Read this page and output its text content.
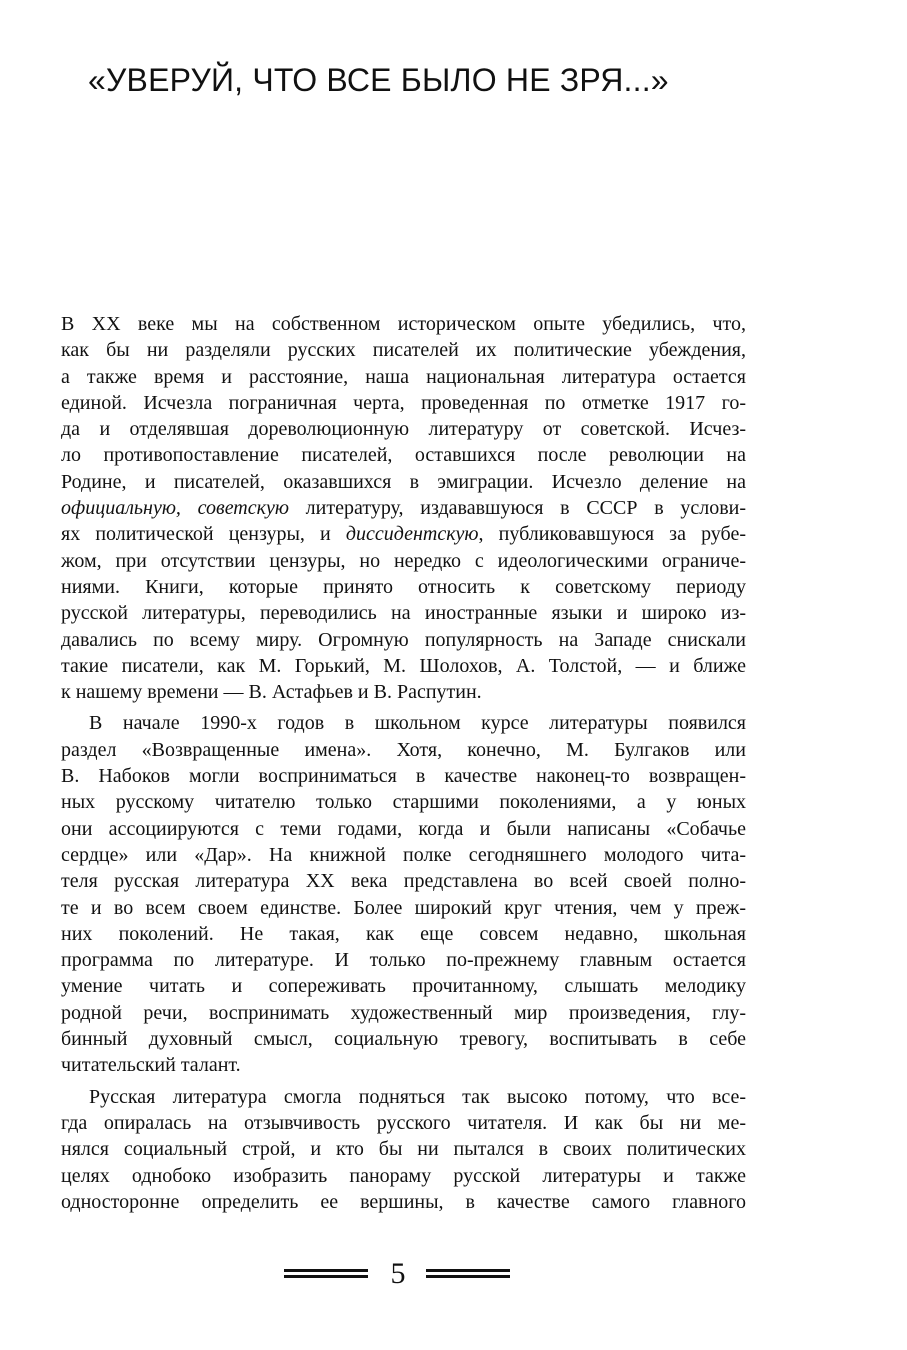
«УВЕРУЙ, ЧТО ВСЕ БЫЛО НЕ ЗРЯ...»
В XX веке мы на собственном историческом опыте убедились, что,
как бы ни разделяли русских писателей их политические убеждения,
а также время и расстояние, наша национальная литература остается
единой. Исчезла пограничная черта, проведенная по отметке 1917 го-
да и отделявшая дореволюционную литературу от советской. Исчез-
ло противопоставление писателей, оставшихся после революции на
Родине, и писателей, оказавшихся в эмиграции. Исчезло деление на
официальную, советскую литературу, издававшуюся в СССР в услови-
ях политической цензуры, и диссидентскую, публиковавшуюся за рубе-
жом, при отсутствии цензуры, но нередко с идеологическими ограниче-
ниями. Книги, которые принято относить к советскому периоду
русской литературы, переводились на иностранные языки и широко из-
давались по всему миру. Огромную популярность на Западе снискали
такие писатели, как М. Горький, М. Шолохов, А. Толстой, — и ближе
к нашему времени — В. Астафьев и В. Распутин.
В начале 1990-х годов в школьном курсе литературы появился
раздел «Возвращенные имена». Хотя, конечно, М. Булгаков или
В. Набоков могли восприниматься в качестве наконец-то возвращен-
ных русскому читателю только старшими поколениями, а у юных
они ассоциируются с теми годами, когда и были написаны «Собачье
сердце» или «Дар». На книжной полке сегодняшнего молодого чита-
теля русская литература XX века представлена во всей своей полно-
те и во всем своем единстве. Более широкий круг чтения, чем у преж-
них поколений. Не такая, как еще совсем недавно, школьная
программа по литературе. И только по-прежнему главным остается
умение читать и сопереживать прочитанному, слышать мелодику
родной речи, воспринимать художественный мир произведения, глу-
бинный духовный смысл, социальную тревогу, воспитывать в себе
читательский талант.
Русская литература смогла подняться так высоко потому, что все-
гда опиралась на отзывчивость русского читателя. И как бы ни ме-
нялся социальный строй, и кто бы ни пытался в своих политических
целях однобоко изобразить панораму русской литературы и также
односторонне определить ее вершины, в качестве самого главного
5
